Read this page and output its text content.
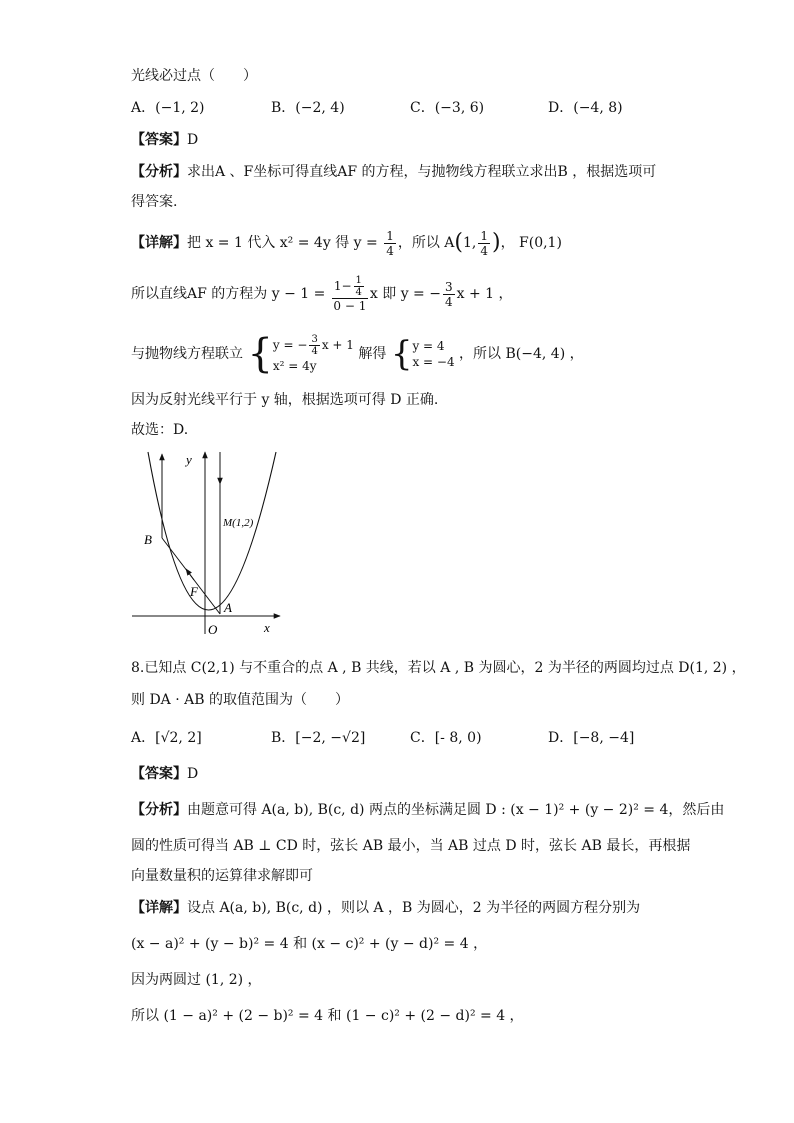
光线必过点（　　）
A．(−1, 2)	B．(−2, 4)	C．(−3, 6)	D．(−4, 8)
【答案】D
【分析】求出A 、F坐标可得直线AF 的方程，与抛物线方程联立求出B ，根据选项可
得答案.
【详解】把 x = 1 代入 x² = 4y 得 $y = \frac{1}{4}$ ，所以 A(1, $\frac{1}{4}$ )， F(0,1)
所以直线AF 的方程为 $y - 1 = \frac{1- \frac{1}{4}}{0 - 1}$ x 即 y = − $\frac{3}{4}$ x + 1 ，
与抛物线方程联立 { y = − $\frac{3}{4}$ x + 1
x² = 4y
解得 { y = 4
x = −4 ，所以 B(−4, 4) ，
因为反射光线平行于 y 轴，根据选项可得 D 正确.
故选：D.
y
x
O
A
B
F
M(1,2)
8.已知点 C(2,1) 与不重合的点 A , B 共线，若以 A , B 为圆心，2 为半径的两圆均过点 D(1, 2) ，
则 DA · AB 的取值范围为（　　）
A．[√2, 2]	B．[−2, −√2]	C．[- 8, 0)	D．[−8, −4]
【答案】D
【分析】由题意可得 A(a, b), B(c, d) 两点的坐标满足圆 D : (x − 1)² + (y − 2)² = 4，然后由
圆的性质可得当 AB ⊥ CD 时，弦长 AB 最小，当 AB 过点 D 时，弦长 AB 最长，再根据
向量数量积的运算律求解即可
【详解】设点 A(a, b), B(c, d) ，则以 A ，B 为圆心，2 为半径的两圆方程分别为
(x − a)² + (y − b)² = 4 和 (x − c)² + (y − d)² = 4 ，
因为两圆过 (1, 2) ，
所以 (1 − a)² + (2 − b)² = 4 和 (1 − c)² + (2 − d)² = 4 ，
